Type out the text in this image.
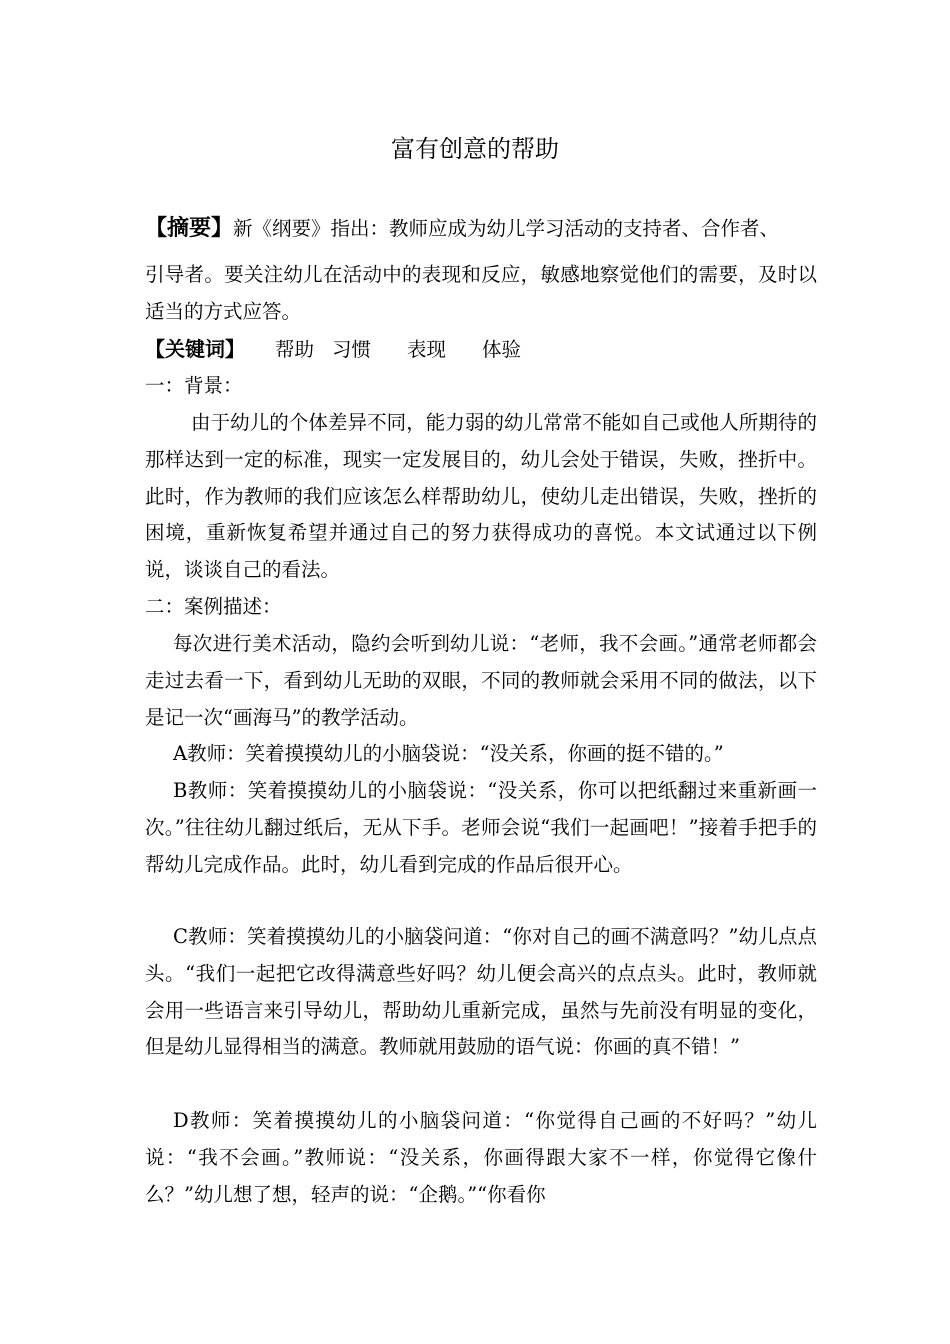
富有创意的帮助

【摘要】新《纲要》指出：教师应成为幼儿学习活动的支持者、合作者、

引导者。要关注幼儿在活动中的表现和反应，敏感地察觉他们的需要，及时以适当的方式应答。

【关键词】 帮助 习惯 表现 体验

一：背景：

由于幼儿的个体差异不同，能力弱的幼儿常常不能如自己或他人所期待的那样达到一定的标准，现实一定发展目的，幼儿会处于错误，失败，挫折中。此时，作为教师的我们应该怎么样帮助幼儿，使幼儿走出错误，失败，挫折的困境，重新恢复希望并通过自己的努力获得成功的喜悦。本文试通过以下例说，谈谈自己的看法。

二：案例描述：

每次进行美术活动，隐约会听到幼儿说：“老师，我不会画。”通常老师都会走过去看一下，看到幼儿无助的双眼，不同的教师就会采用不同的做法，以下是记一次“画海马”的教学活动。

A教师：笑着摸摸幼儿的小脑袋说：“没关系，你画的挺不错的。”

B教师：笑着摸摸幼儿的小脑袋说：“没关系，你可以把纸翻过来重新画一次。”往往幼儿翻过纸后，无从下手。老师会说“我们一起画吧！”接着手把手的帮幼儿完成作品。此时，幼儿看到完成的作品后很开心。

C教师：笑着摸摸幼儿的小脑袋问道：“你对自己的画不满意吗？”幼儿点点头。“我们一起把它改得满意些好吗？幼儿便会高兴的点点头。此时，教师就会用一些语言来引导幼儿，帮助幼儿重新完成，虽然与先前没有明显的变化，但是幼儿显得相当的满意。教师就用鼓励的语气说：你画的真不错！”

D教师：笑着摸摸幼儿的小脑袋问道：“你觉得自己画的不好吗？”幼儿说：“我不会画。”教师说：“没关系，你画得跟大家不一样，你觉得它像什么？”幼儿想了想，轻声的说：“企鹅。”“你看你
